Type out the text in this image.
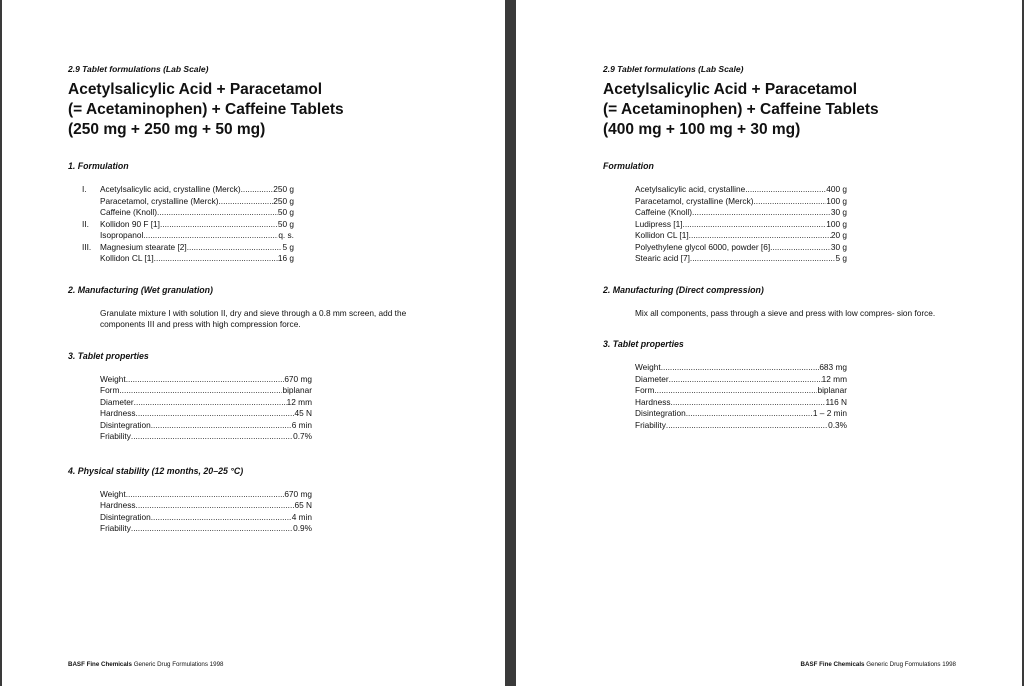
2.9 Tablet formulations (Lab Scale)
Acetylsalicylic Acid + Paracetamol
(= Acetaminophen) + Caffeine Tablets
(250 mg + 250 mg + 50 mg)
1. Formulation
I.	Acetylsalicylic acid, crystalline (Merck) .....	250 g
Paracetamol, crystalline (Merck) .....	250 g
Caffeine (Knoll) .....	50 g
II.	Kollidon 90 F [1] .....	50 g
Isopropanol .....	q. s.
III.	Magnesium stearate [2] .....	5 g
Kollidon CL [1] .....	16 g
2. Manufacturing (Wet granulation)

Granulate mixture I with solution II, dry and sieve through a 0.8 mm screen, add the components III and press with high compression force.

3. Tablet properties
Weight .....	670 mg
Form .....	biplanar
Diameter .....	12 mm
Hardness .....	45 N
Disintegration .....	6 min
Friability .....	0.7%
4. Physical stability (12 months, 20–25 °C)
Weight .....	670 mg
Hardness .....	65 N
Disintegration .....	4 min
Friability .....	0.9%
BASF Fine Chemicals Generic Drug Formulations 1998
2.9 Tablet formulations (Lab Scale)
Acetylsalicylic Acid + Paracetamol
(= Acetaminophen) + Caffeine Tablets
(400 mg + 100 mg + 30 mg)
Formulation
Acetylsalicylic acid, crystalline .....	400 g
Paracetamol, crystalline (Merck) .....	100 g
Caffeine (Knoll) .....	30 g
Ludipress [1] .....	100 g
Kollidon CL [1] .....	20 g
Polyethylene glycol 6000, powder [6] .....	30 g
Stearic acid [7] .....	5 g
2. Manufacturing (Direct compression)

Mix all components, pass through a sieve and press with low compres- sion force.

3. Tablet properties
Weight .....	683 mg
Diameter .....	12 mm
Form .....	biplanar
Hardness .....	116 N
Disintegration .....	1 – 2 min
Friability .....	0.3%
BASF Fine Chemicals Generic Drug Formulations 1998
